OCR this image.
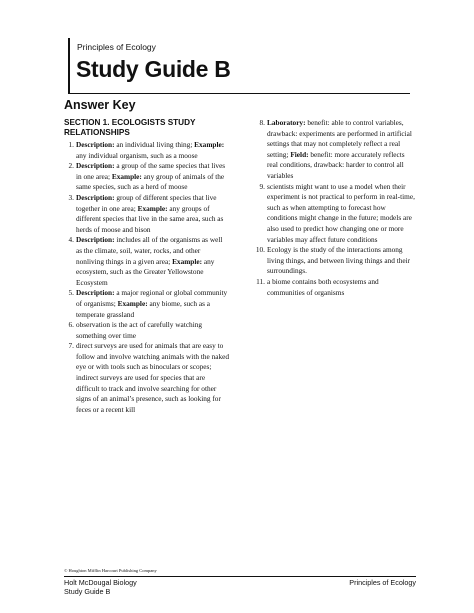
Principles of Ecology
Study Guide B
Answer Key
SECTION 1. ECOLOGISTS STUDY RELATIONSHIPS
1. Description: an individual living thing; Example: any individual organism, such as a moose
2. Description: a group of the same species that lives in one area; Example: any group of animals of the same species, such as a herd of moose
3. Description: group of different species that live together in one area; Example: any groups of different species that live in the same area, such as herds of moose and bison
4. Description: includes all of the organisms as well as the climate, soil, water, rocks, and other nonliving things in a given area; Example: any ecosystem, such as the Greater Yellowstone Ecosystem
5. Description: a major regional or global community of organisms; Example: any biome, such as a temperate grassland
6. observation is the act of carefully watching something over time
7. direct surveys are used for animals that are easy to follow and involve watching animals with the naked eye or with tools such as binoculars or scopes; indirect surveys are used for species that are difficult to track and involve searching for other signs of an animal’s presence, such as looking for feces or a recent kill
8. Laboratory: benefit: able to control variables, drawback: experiments are performed in artificial settings that may not completely reflect a real setting; Field: benefit: more accurately reflects real conditions, drawback: harder to control all variables
9. scientists might want to use a model when their experiment is not practical to perform in real-time, such as when attempting to forecast how conditions might change in the future; models are also used to predict how changing one or more variables may affect future conditions
10. Ecology is the study of the interactions among living things, and between living things and their surroundings.
11. a biome contains both ecosystems and communities of organisms
© Houghton Mifflin Harcourt Publishing Company
Holt McDougal Biology
Study Guide B
Principles of Ecology
